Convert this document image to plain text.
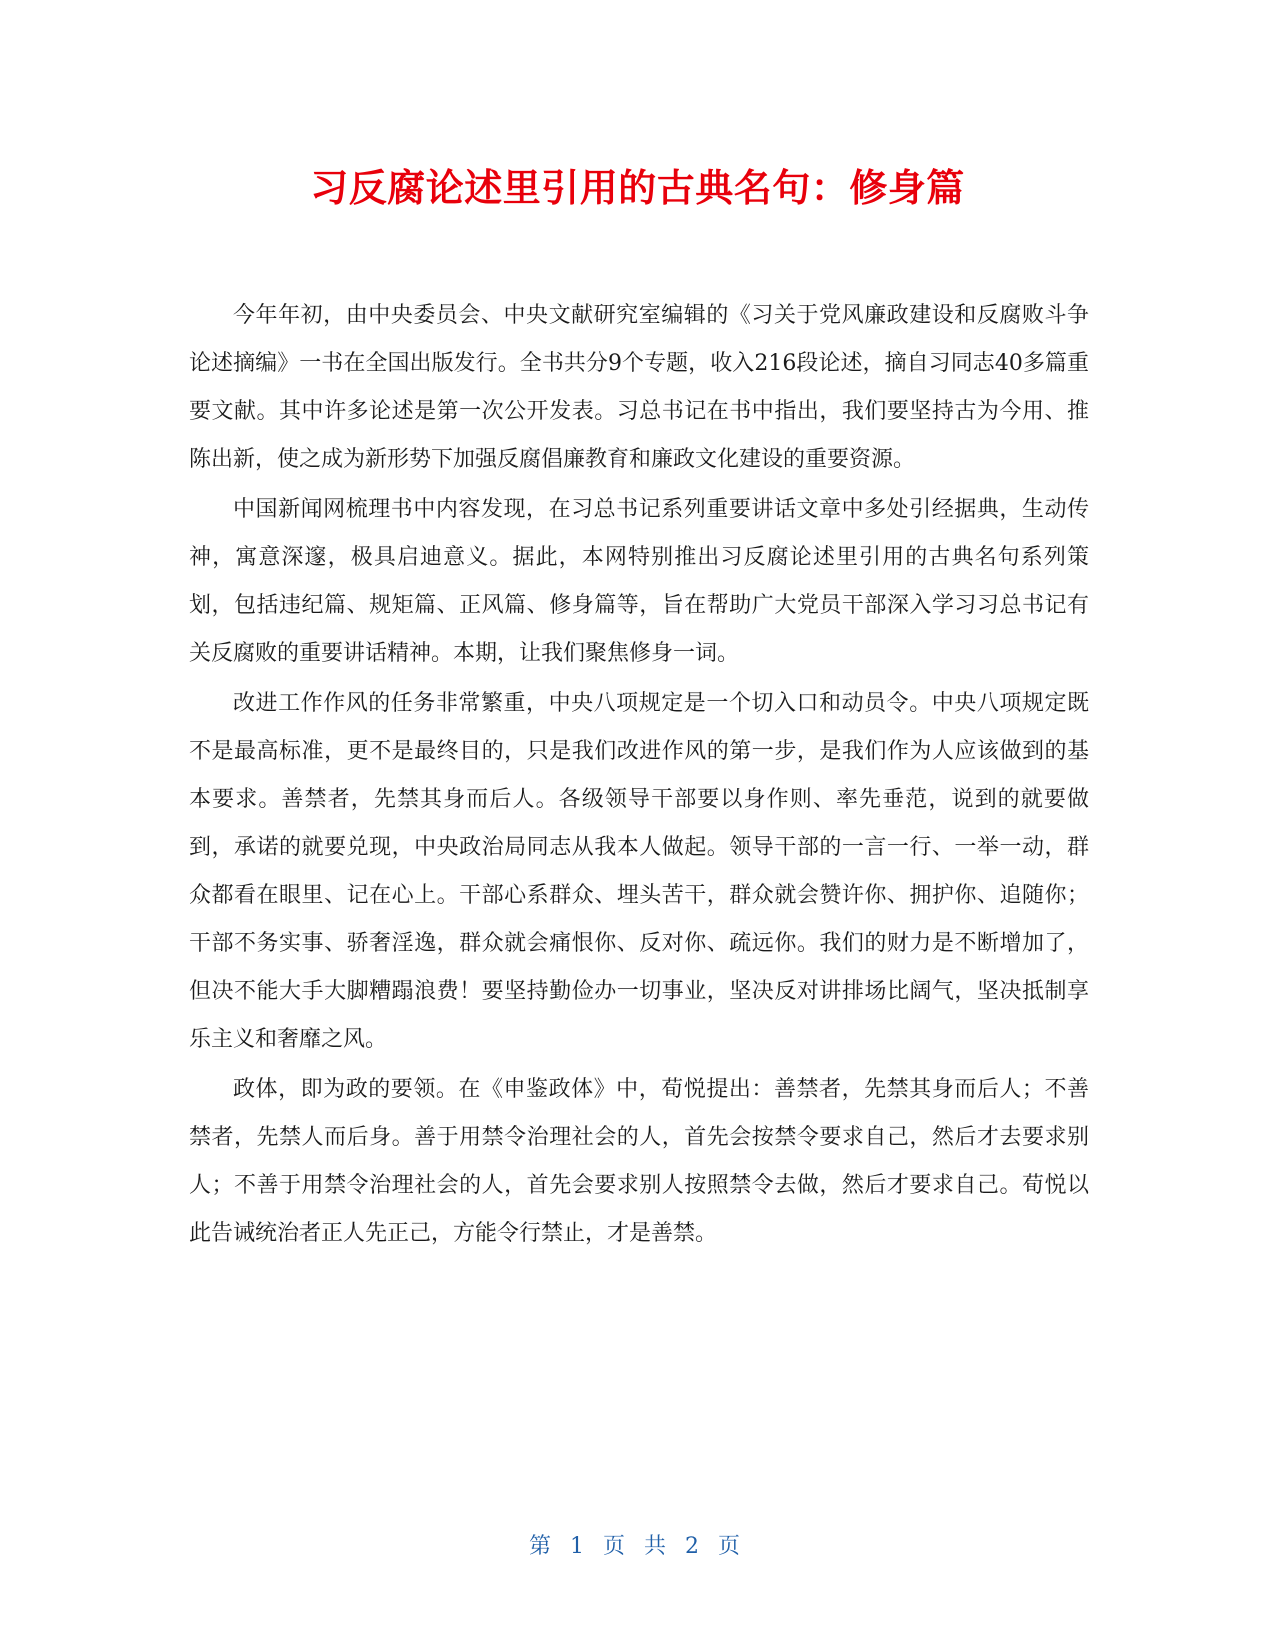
习反腐论述里引用的古典名句：修身篇

今年年初，由中央委员会、中央文献研究室编辑的《习关于党风廉政建设和反腐败斗争论述摘编》一书在全国出版发行。全书共分9个专题，收入216段论述，摘自习同志40多篇重要文献。其中许多论述是第一次公开发表。习总书记在书中指出，我们要坚持古为今用、推陈出新，使之成为新形势下加强反腐倡廉教育和廉政文化建设的重要资源。

中国新闻网梳理书中内容发现，在习总书记系列重要讲话文章中多处引经据典，生动传神，寓意深邃，极具启迪意义。据此，本网特别推出习反腐论述里引用的古典名句系列策划，包括违纪篇、规矩篇、正风篇、修身篇等，旨在帮助广大党员干部深入学习习总书记有关反腐败的重要讲话精神。本期，让我们聚焦修身一词。

改进工作作风的任务非常繁重，中央八项规定是一个切入口和动员令。中央八项规定既不是最高标准，更不是最终目的，只是我们改进作风的第一步，是我们作为人应该做到的基本要求。善禁者，先禁其身而后人。各级领导干部要以身作则、率先垂范，说到的就要做到，承诺的就要兑现，中央政治局同志从我本人做起。领导干部的一言一行、一举一动，群众都看在眼里、记在心上。干部心系群众、埋头苦干，群众就会赞许你、拥护你、追随你；干部不务实事、骄奢淫逸，群众就会痛恨你、反对你、疏远你。我们的财力是不断增加了，但决不能大手大脚糟蹋浪费！要坚持勤俭办一切事业，坚决反对讲排场比阔气，坚决抵制享乐主义和奢靡之风。

政体，即为政的要领。在《申鉴政体》中，荀悦提出：善禁者，先禁其身而后人；不善禁者，先禁人而后身。善于用禁令治理社会的人，首先会按禁令要求自己，然后才去要求别人；不善于用禁令治理社会的人，首先会要求别人按照禁令去做，然后才要求自己。荀悦以此告诫统治者正人先正己，方能令行禁止，才是善禁。

第 1 页 共 2 页
